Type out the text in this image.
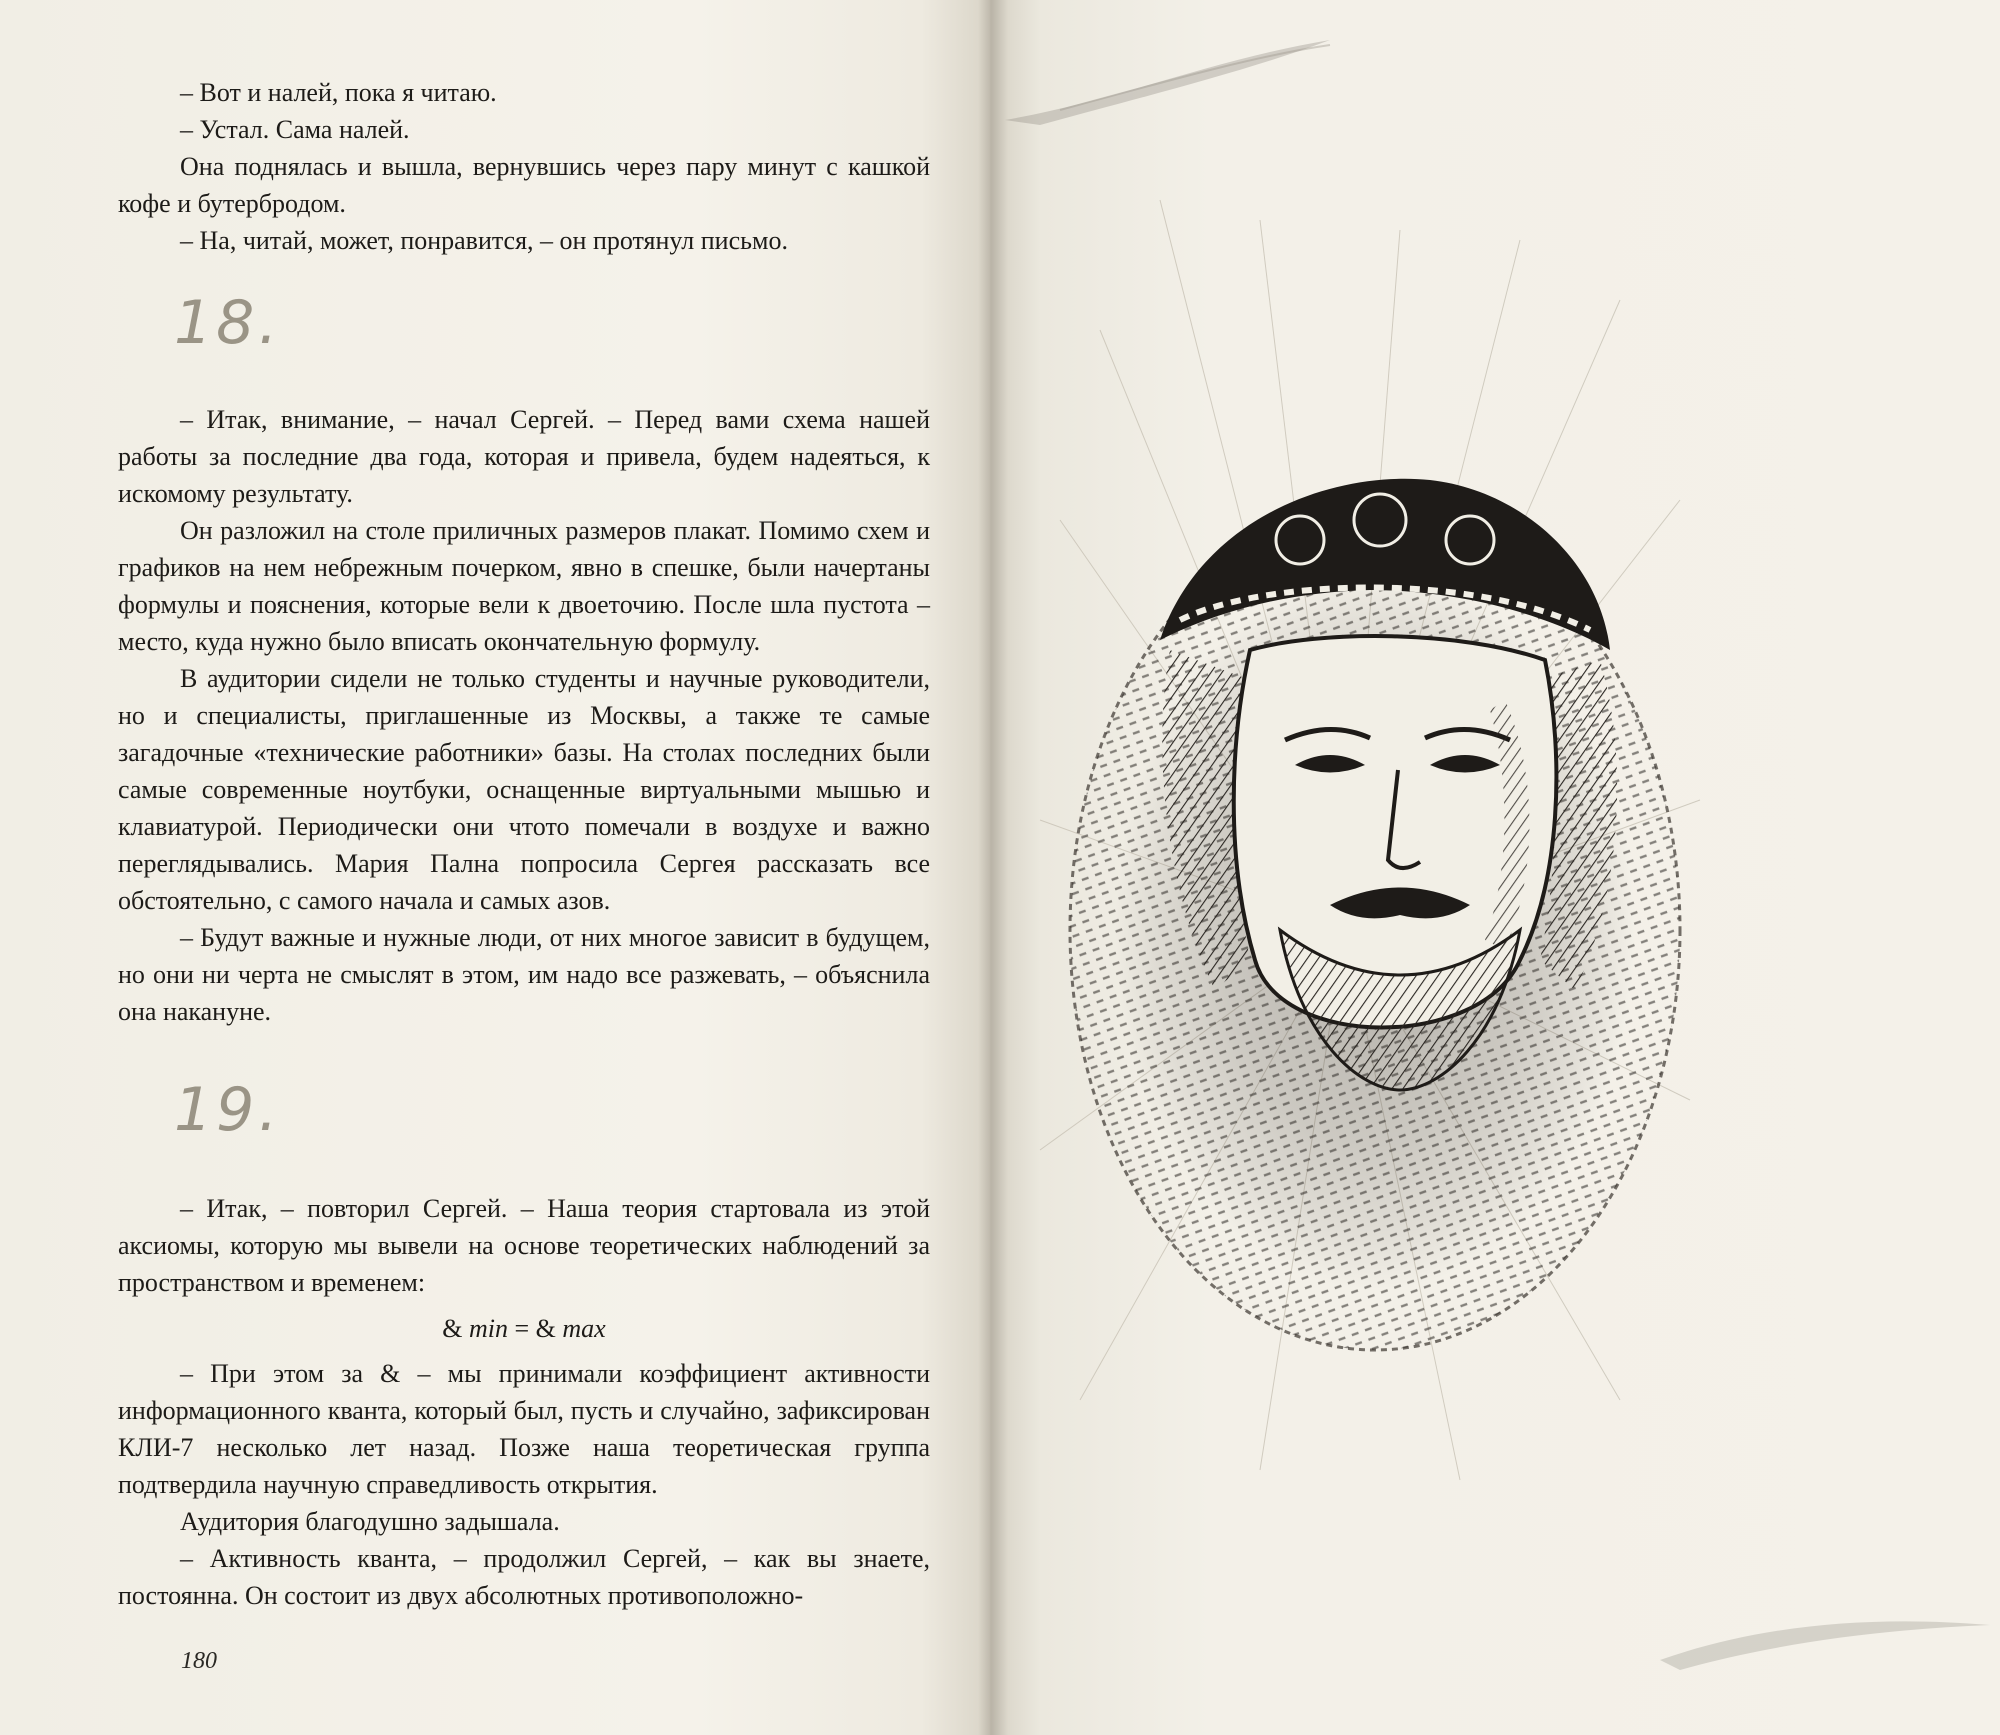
– Вот и налей, пока я читаю.

– Устал. Сама налей.

Она поднялась и вышла, вернувшись через пару минут с кашкой кофе и бутербродом.

– На, читай, может, понравится, – он протянул письмо.

18.

– Итак, внимание, – начал Сергей. – Перед вами схема нашей работы за последние два года, которая и привела, будем надеяться, к искомому результату.

Он разложил на столе приличных размеров плакат. Помимо схем и графиков на нем небрежным почерком, явно в спешке, были начертаны формулы и пояснения, которые вели к двоеточию. После шла пустота – место, куда нужно было вписать окончательную формулу.

В аудитории сидели не только студенты и научные руководители, но и специалисты, приглашенные из Москвы, а также те самые загадочные «технические работники» базы. На столах последних были самые современные ноутбуки, оснащенные виртуальными мышью и клавиатурой. Периодически они чтото помечали в воздухе и важно переглядывались. Мария Пална попросила Сергея рассказать все обстоятельно, с самого начала и самых азов.

– Будут важные и нужные люди, от них многое зависит в будущем, но они ни черта не смыслят в этом, им надо все разжевать, – объяснила она накануне.

19.

– Итак, – повторил Сергей. – Наша теория стартовала из этой аксиомы, которую мы вывели на основе теоретических наблюдений за пространством и временем:

& min = & max

– При этом за & – мы принимали коэффициент активности информационного кванта, который был, пусть и случайно, зафиксирован КЛИ-7 несколько лет назад. Позже наша теоретическая группа подтвердила научную справедливость открытия.

Аудитория благодушно задышала.

– Активность кванта, – продолжил Сергей, – как вы знаете, постоянна. Он состоит из двух абсолютных противоположно-

180
